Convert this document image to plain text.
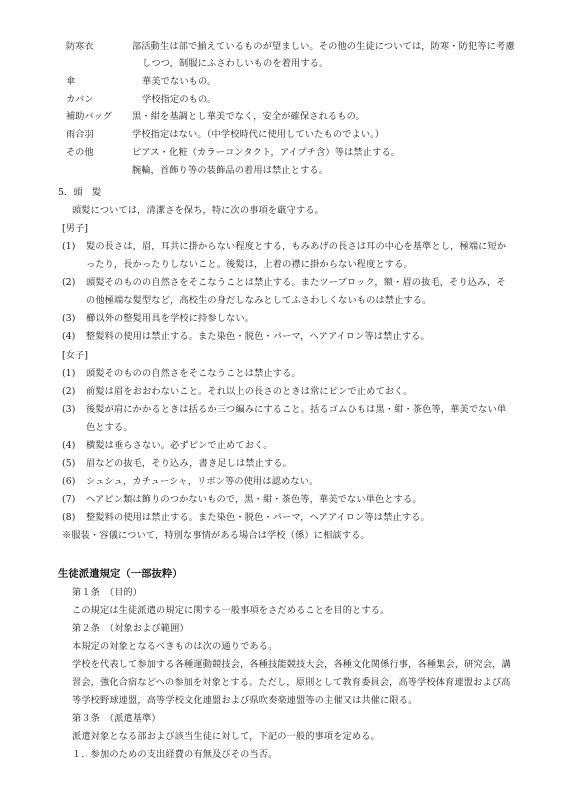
防寒衣	部活動生は部で揃えているものが望ましい。その他の生徒については，防寒・防犯等に考慮
しつつ，制服にふさわしいものを着用する。
傘	華美でないもの。
カバン	学校指定のもの。
補助バッグ 黒・紺を基調とし華美でなく，安全が確保されるもの。
雨合羽	学校指定はない。（中学校時代に使用していたものでよい。）
その他	ピアス・化粧（カラーコンタクト，アイプチ含）等は禁止する。
腕輪，首飾り等の装飾品の着用は禁止とする。
5．頭　髪
頭髪については，清潔さを保ち，特に次の事項を厳守する。
[男子]
(1) 髪の長さは，眉，耳共に掛からない程度とする，もみあげの長さは耳の中心を基準とし，極端に短か
ったり，長かったりしないこと。後髪は，上着の襟に掛からない程度とする。
(2) 頭髪そのものの自然さをそこなうことは禁止する。またツーブロック，額・眉の抜毛，そり込み，そ
の他極端な髪型など，高校生の身だしなみとしてふさわしくないものは禁止する。
(3) 櫛以外の整髪用具を学校に持参しない。
(4) 整髪料の使用は禁止する。また染色・脱色・パーマ，ヘアアイロン等は禁止する。
[女子]
(1) 頭髪そのものの自然さをそこなうことは禁止する。
(2) 前髪は眉をおおわないこと。それ以上の長さのときは常にピンで止めておく。
(3) 後髪が肩にかかるときは括るか三つ編みにすること。括るゴムひもは黒・紺・茶色等，華美でない単
色とする。
(4) 横髪は垂らさない。必ずピンで止めておく。
(5) 眉などの抜毛，そり込み，書き足しは禁止する。
(6) シュシュ，カチューシャ，リボン等の使用は認めない。
(7) ヘアピン類は飾りのつかないもので，黒・紺・茶色等，華美でない単色とする。
(8) 整髪料の使用は禁止する。また染色・脱色・パーマ，ヘアアイロン等は禁止する。
※服装・容儀について，特別な事情がある場合は学校（係）に相談する。
生徒派遣規定（一部抜粋）
第１条　（目的）
この規定は生徒派遣の規定に関する一般事項をさだめることを目的とする。
第２条　（対象および範囲）
本規定の対象となるべきものは次の通りである。
学校を代表して参加する各種運動競技会，各種技能競技大会，各種文化関係行事，各種集会，研究会，講
習会，強化合宿などへの参加を対象とする。ただし，原則として教育委員会，高等学校体育連盟および高
等学校野球連盟，高等学校文化連盟および県吹奏楽連盟等の主催又は共催に限る。
第３条　（派遣基準）
派遣対象となる部および該当生徒に対して，下記の一般的事項を定める。
１．参加のための支出経費の有無及びその当否。
